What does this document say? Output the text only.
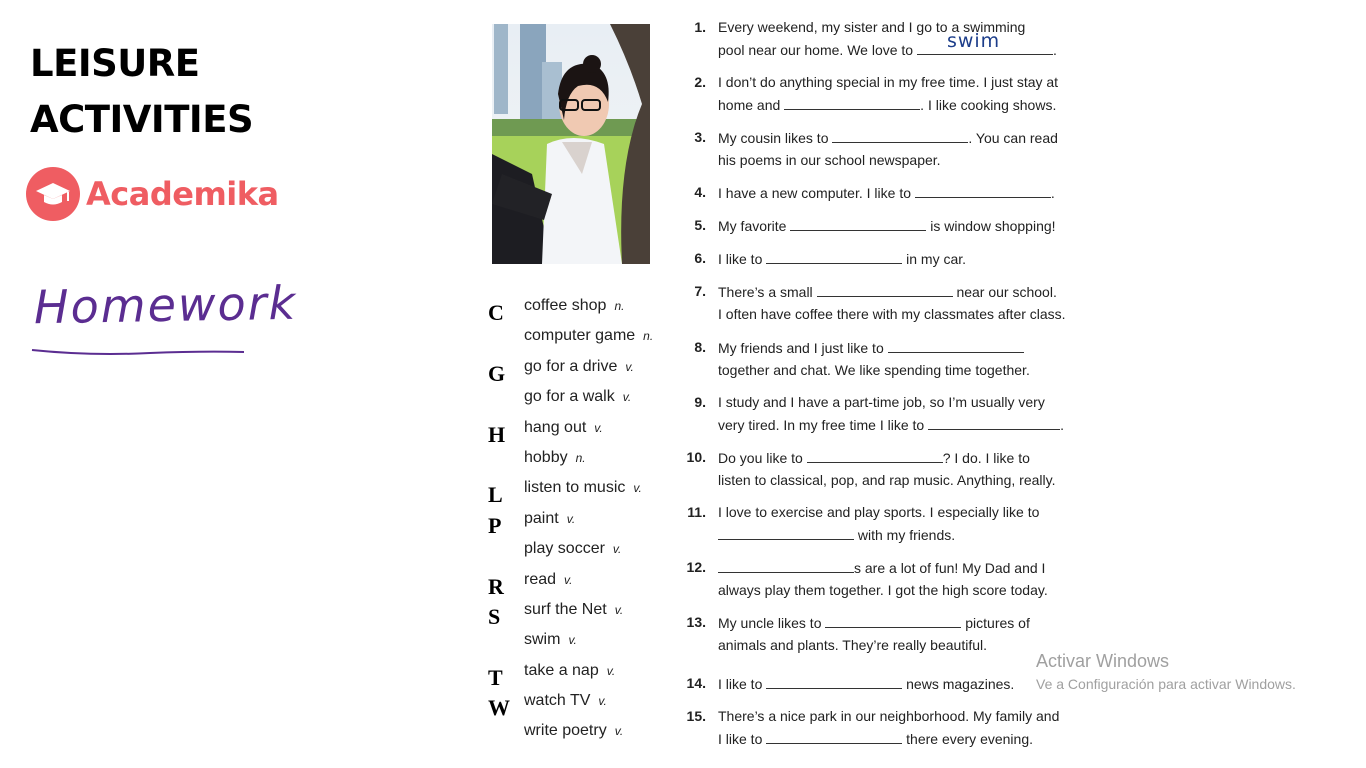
LEISURE
ACTIVITIES
Academika
Homework	C coffee shop n.
computer game n.
G go for a drive v.
go for a walk v.
H hang out v.
hobby n.
L listen to music v.
P paint v.
play soccer v.
R read v.
S surf the Net v.
swim v.
T take a nap v.
W watch TV v.
write poetry v.
1. Every weekend, my sister and I go to a swimming
pool near our home. We love to swim	.
2. I don’t do anything special in my free time. I just stay at
home and	. I like cooking shows.
3. My cousin likes to	. You can read
his poems in our school newspaper.
4. I have a new computer. I like to	.
5. My favorite	is window shopping!
6. I like to	in my car.
7. There’s a small	near our school.
I often have coffee there with my classmates after class.
8. My friends and I just like to
together and chat. We like spending time together.
9. I study and I have a part-time job, so I’m usually very
very tired. In my free time I like to	.
10. Do you like to	? I do. I like to
listen to classical, pop, and rap music. Anything, really.
11. I love to exercise and play sports. I especially like to
with my friends.
12.	s are a lot of fun! My Dad and I
always play them together. I got the high score today.
13. My uncle likes to	pictures of
animals and plants. They’re really beautiful.
14. I like to	news magazines.
15. There’s a nice park in our neighborhood. My family and
I like to	there every evening.
Activar Windows
Ve a Configuración para activar Windows.
